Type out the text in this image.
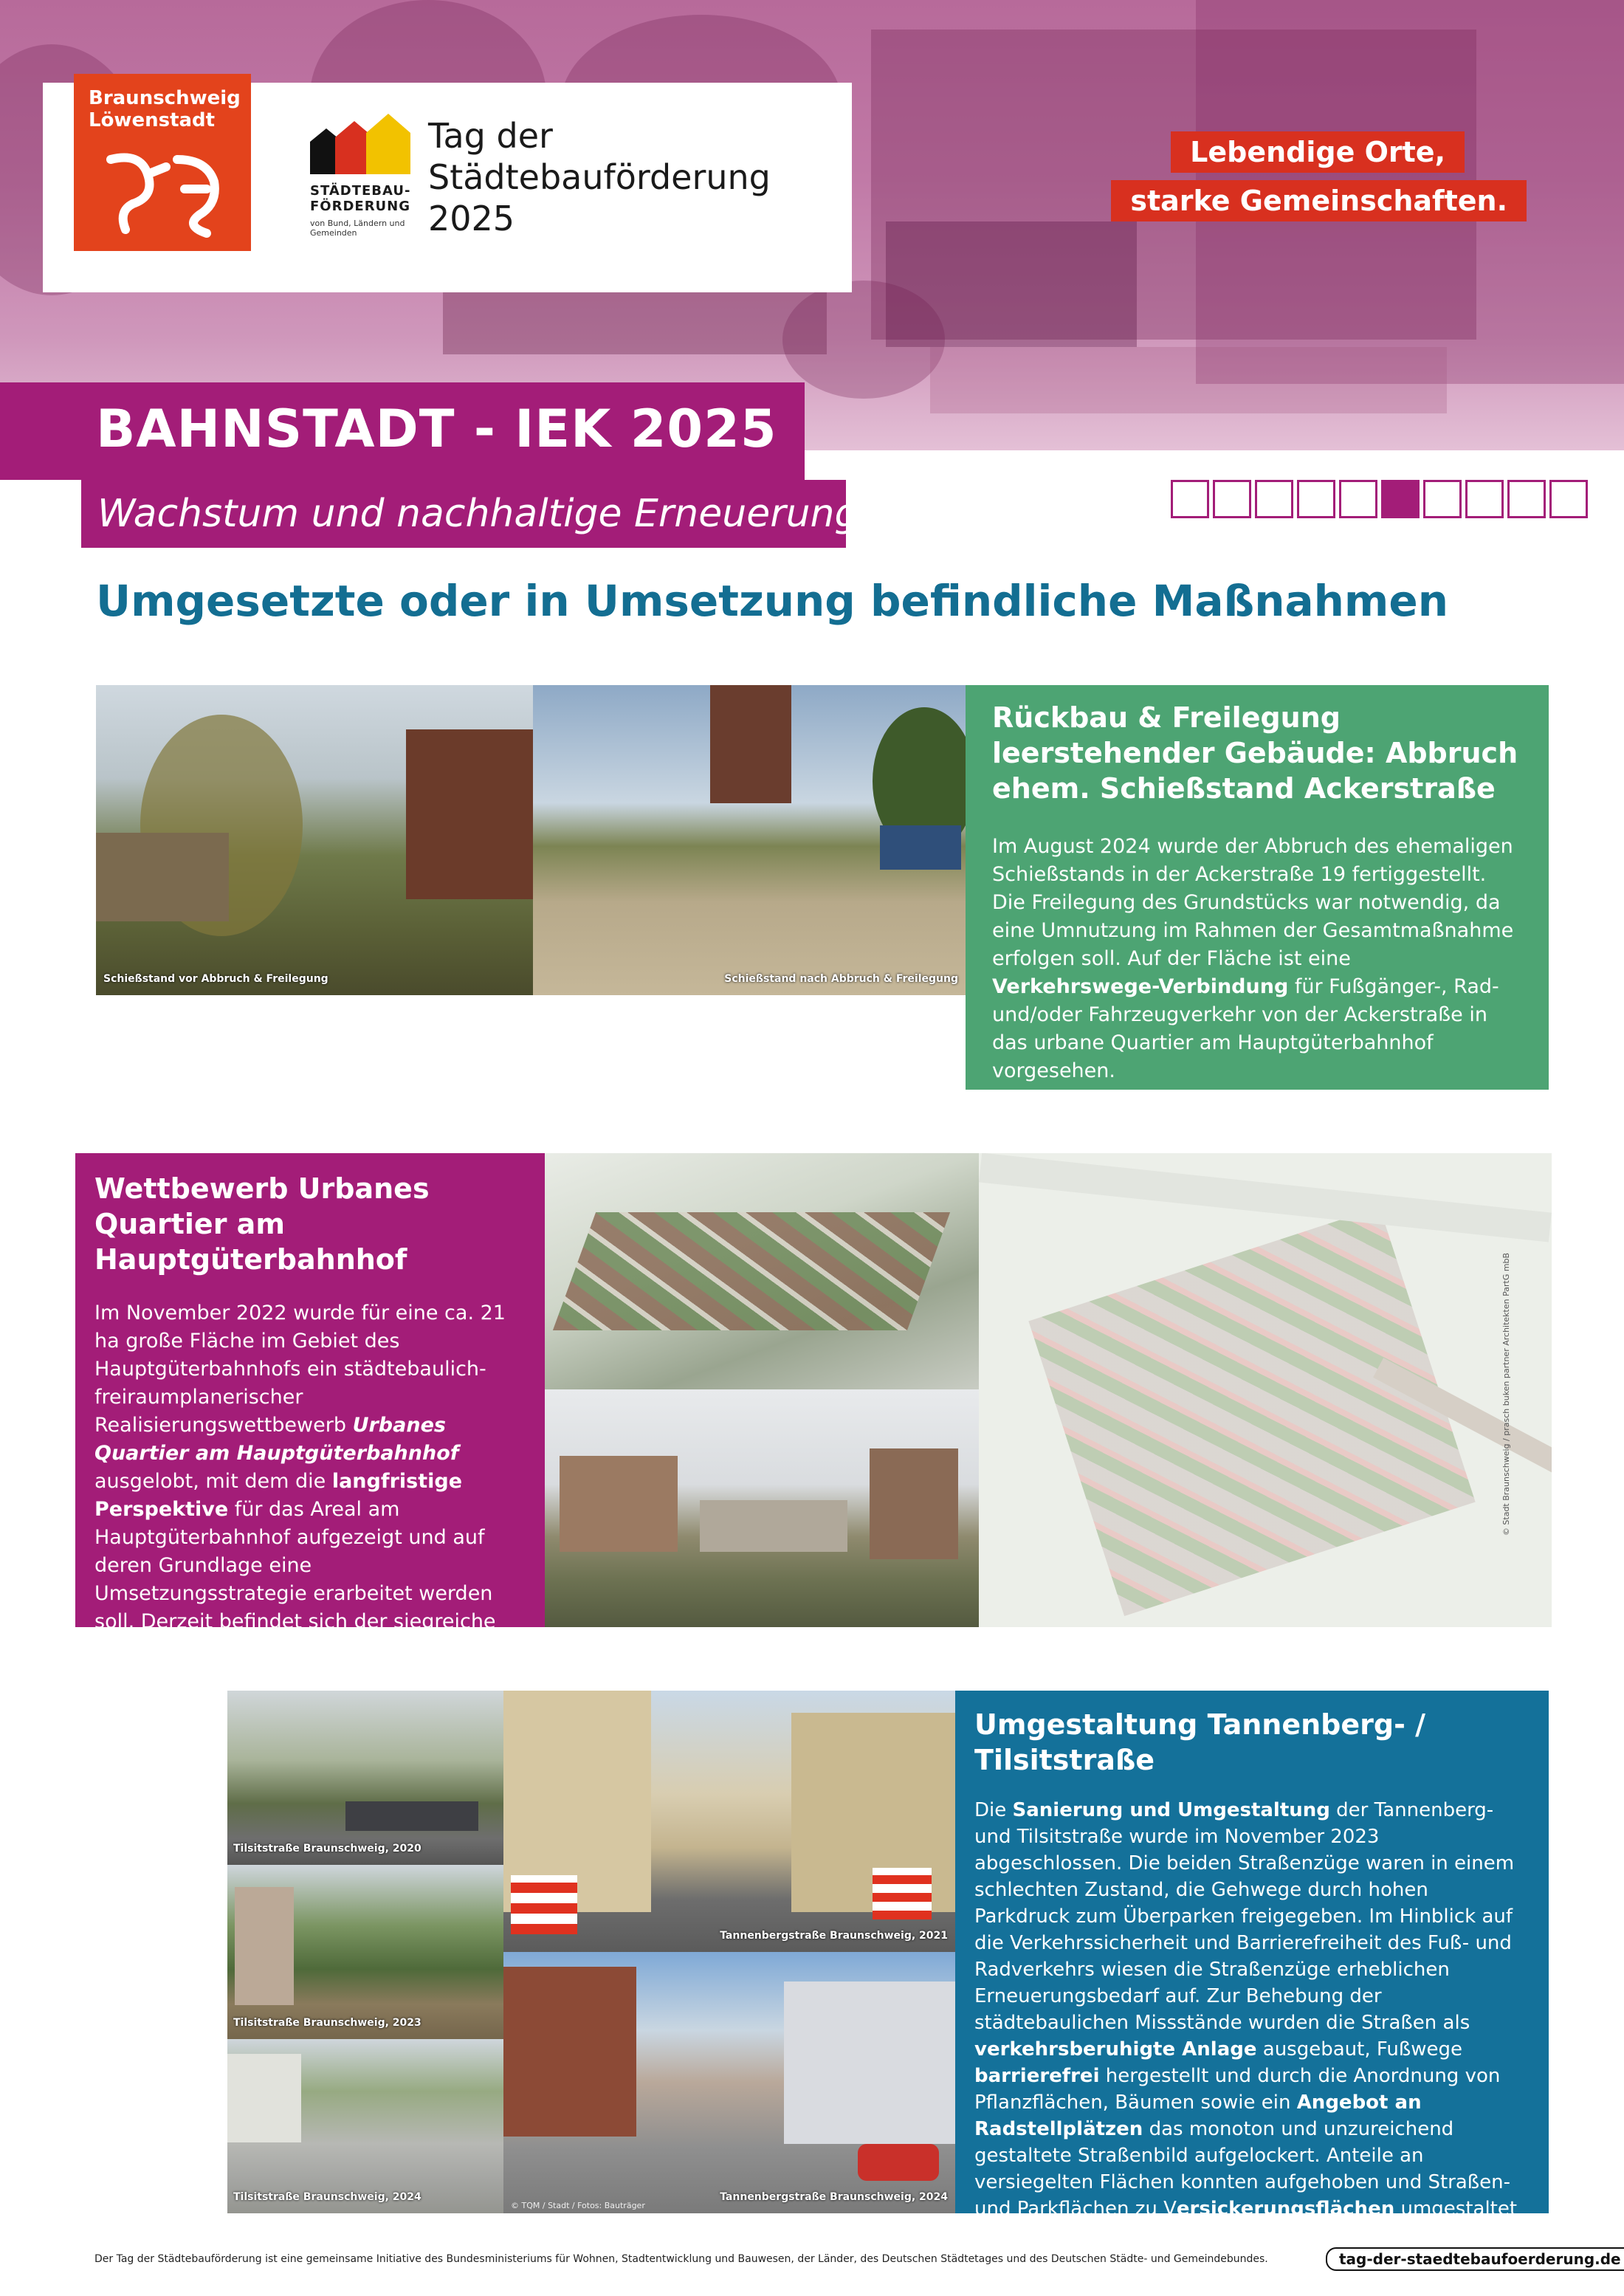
Braunschweig Löwenstadt
STÄDTEBAU-FÖRDERUNG
von Bund, Ländern und Gemeinden
Tag der
Städtebauförderung
2025
Lebendige Orte,
starke Gemeinschaften.
BAHNSTADT - IEK 2025
Wachstum und nachhaltige Erneuerung
Umgesetzte oder in Umsetzung befindliche Maßnahmen
Schießstand vor Abbruch & Freilegung	Schießstand nach Abbruch & Freilegung
Rückbau & Freilegung leerstehender Gebäude: Abbruch ehem. Schießstand Ackerstraße
Im August 2024 wurde der Abbruch des ehemaligen Schießstands in der Ackerstraße 19 fertiggestellt. Die Freilegung des Grundstücks war notwendig, da eine Umnutzung im Rahmen der Gesamtmaßnahme erfolgen soll. Auf der Fläche ist eine Verkehrswege-Verbindung für Fußgänger-, Rad- und/oder Fahrzeugverkehr von der Ackerstraße in das urbane Quartier am Hauptgüterbahnhof vorgesehen.
Wettbewerb Urbanes Quartier am Hauptgüterbahnhof
Im November 2022 wurde für eine ca. 21 ha große Fläche im Gebiet des Hauptgüterbahnhofs ein städtebaulich-freiraumplanerischer Realisierungswettbewerb Urbanes Quartier am Hauptgüterbahnhof ausgelobt, mit dem die langfristige Perspektive für das Areal am Hauptgüterbahnhof aufgezeigt und auf deren Grundlage eine Umsetzungsstrategie erarbeitet werden soll. Derzeit befindet sich der siegreiche Entwurf in einer Überarbeitungsphase.
© Stadt Braunschweig / prasch buken partner Architekten PartG mbB
Tilsitstraße Braunschweig, 2020
Tilsitstraße Braunschweig, 2023
Tilsitstraße Braunschweig, 2024
Tannenbergstraße Braunschweig, 2021
© TQM / Stadt / Fotos: Bauträger
Tannenbergstraße Braunschweig, 2024
Umgestaltung Tannenberg- / Tilsitstraße
Die Sanierung und Umgestaltung der Tannenberg- und Tilsitstraße wurde im November 2023 abgeschlossen. Die beiden Straßenzüge waren in einem schlechten Zustand, die Gehwege durch hohen Parkdruck zum Überparken freigegeben. Im Hinblick auf die Verkehrssicherheit und Barrierefreiheit des Fuß- und Radverkehrs wiesen die Straßenzüge erheblichen Erneuerungsbedarf auf. Zur Behebung der städtebaulichen Missstände wurden die Straßen als verkehrsberuhigte Anlage ausgebaut, Fußwege barrierefrei hergestellt und durch die Anordnung von Pflanzflächen, Bäumen sowie ein Angebot an Radstellplätzen das monoton und unzureichend gestaltete Straßenbild aufgelockert. Anteile an versiegelten Flächen konnten aufgehoben und Straßen- und Parkflächen zu Versickerungsflächen umgestaltet werden.
Der Tag der Städtebauförderung ist eine gemeinsame Initiative des Bundesministeriums für Wohnen, Stadtentwicklung und Bauwesen, der Länder, des Deutschen Städtetages und des Deutschen Städte- und Gemeindebundes.	tag-der-staedtebaufoerderung.de
